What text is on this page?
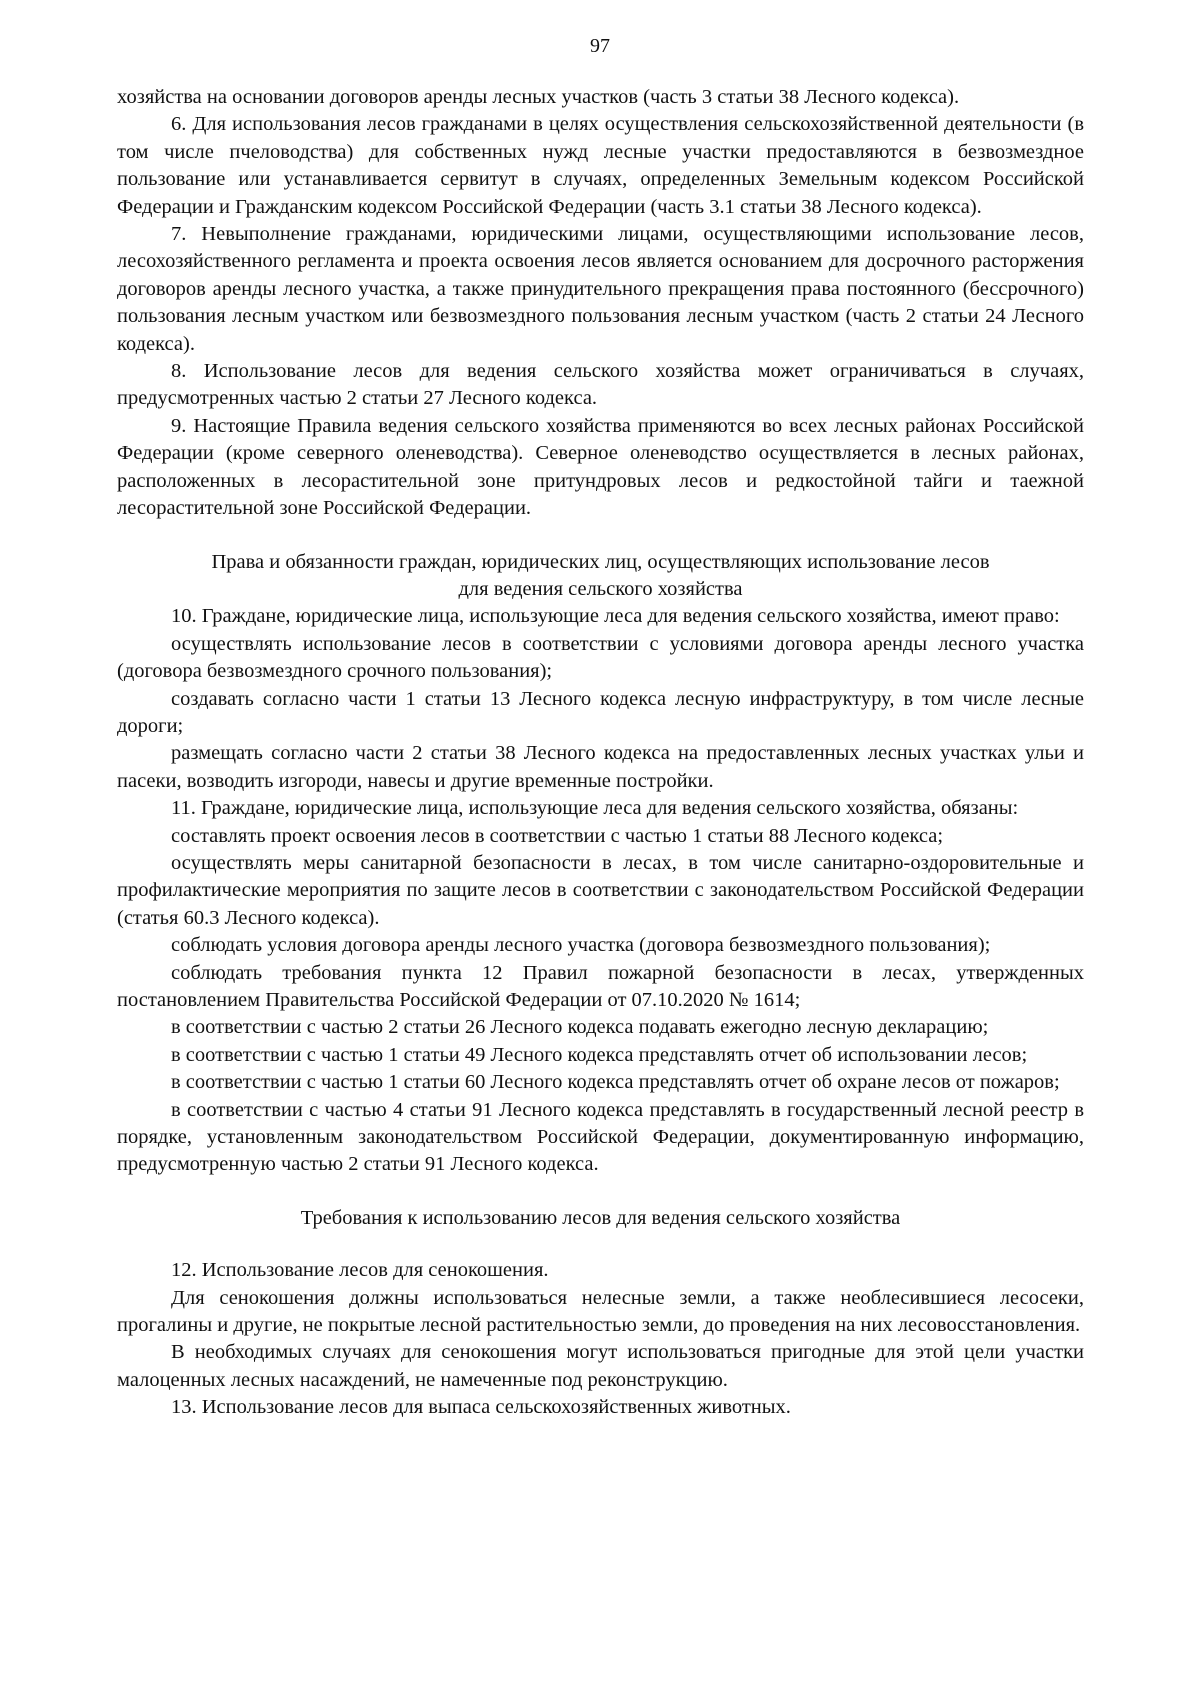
97

хозяйства на основании договоров аренды лесных участков (часть 3 статьи 38 Лесного кодекса).

6. Для использования лесов гражданами в целях осуществления сельскохозяйственной деятельности (в том числе пчеловодства) для собственных нужд лесные участки предоставляются в безвозмездное пользование или устанавливается сервитут в случаях, определенных Земельным кодексом Российской Федерации и Гражданским кодексом Российской Федерации (часть 3.1 статьи 38 Лесного кодекса).

7. Невыполнение гражданами, юридическими лицами, осуществляющими использование лесов, лесохозяйственного регламента и проекта освоения лесов является основанием для досрочного расторжения договоров аренды лесного участка, а также принудительного прекращения права постоянного (бессрочного) пользования лесным участком или безвозмездного пользования лесным участком (часть 2 статьи 24 Лесного кодекса).

8. Использование лесов для ведения сельского хозяйства может ограничиваться в случаях, предусмотренных частью 2 статьи 27 Лесного кодекса.

9. Настоящие Правила ведения сельского хозяйства применяются во всех лесных районах Российской Федерации (кроме северного оленеводства). Северное оленеводство осуществляется в лесных районах, расположенных в лесорастительной зоне притундровых лесов и редкостойной тайги и таежной лесорастительной зоне Российской Федерации.

Права и обязанности граждан, юридических лиц, осуществляющих использование лесов

для ведения сельского хозяйства

10. Граждане, юридические лица, использующие леса для ведения сельского хозяйства, имеют право:

осуществлять использование лесов в соответствии с условиями договора аренды лесного участка (договора безвозмездного срочного пользования);

создавать согласно части 1 статьи 13 Лесного кодекса лесную инфраструктуру, в том числе лесные дороги;

размещать согласно части 2 статьи 38 Лесного кодекса на предоставленных лесных участках ульи и пасеки, возводить изгороди, навесы и другие временные постройки.

11. Граждане, юридические лица, использующие леса для ведения сельского хозяйства, обязаны:

составлять проект освоения лесов в соответствии с частью 1 статьи 88 Лесного кодекса;

осуществлять меры санитарной безопасности в лесах, в том числе санитарно-оздоровительные и профилактические мероприятия по защите лесов в соответствии с законодательством Российской Федерации (статья 60.3 Лесного кодекса).

соблюдать условия договора аренды лесного участка (договора безвозмездного пользования);

соблюдать требования пункта 12 Правил пожарной безопасности в лесах, утвержденных постановлением Правительства Российской Федерации от 07.10.2020 № 1614;

в соответствии с частью 2 статьи 26 Лесного кодекса подавать ежегодно лесную декларацию;

в соответствии с частью 1 статьи 49 Лесного кодекса представлять отчет об использовании лесов;

в соответствии с частью 1 статьи 60 Лесного кодекса представлять отчет об охране лесов от пожаров;

в соответствии с частью 4 статьи 91 Лесного кодекса представлять в государственный лесной реестр в порядке, установленным законодательством Российской Федерации, документированную информацию, предусмотренную частью 2 статьи 91 Лесного кодекса.

Требования к использованию лесов для ведения сельского хозяйства

12. Использование лесов для сенокошения.

Для сенокошения должны использоваться нелесные земли, а также необлесившиеся лесосеки, прогалины и другие, не покрытые лесной растительностью земли, до проведения на них лесовосстановления.

В необходимых случаях для сенокошения могут использоваться пригодные для этой цели участки малоценных лесных насаждений, не намеченные под реконструкцию.

13. Использование лесов для выпаса сельскохозяйственных животных.
